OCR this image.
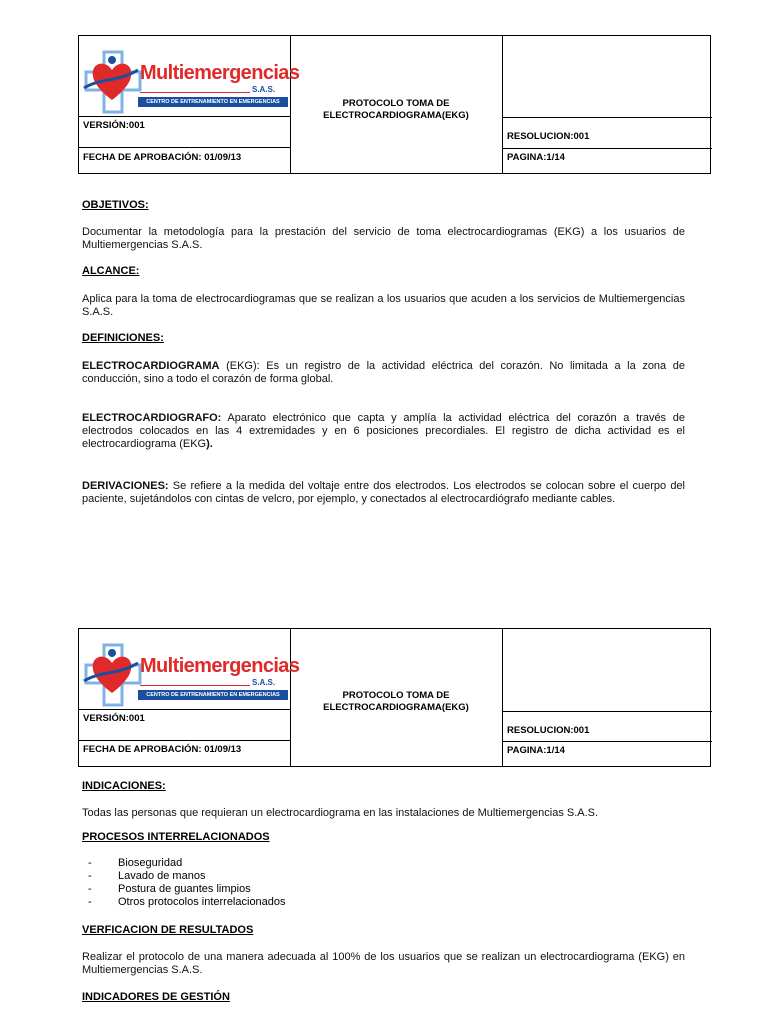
Multiemergencias
S.A.S.
CENTRO DE ENTRENAMIENTO EN EMERGENCIAS
VERSIÓN:001
FECHA DE APROBACIÓN: 01/09/13
PROTOCOLO TOMA DE
ELECTROCARDIOGRAMA(EKG)
RESOLUCION:001
PAGINA:1/14
OBJETIVOS:
Documentar la metodología para la prestación del servicio de toma electrocardiogramas (EKG) a los usuarios de Multiemergencias S.A.S.
ALCANCE:
Aplica para la toma de electrocardiogramas que se realizan a los usuarios que acuden a los servicios de Multiemergencias S.A.S.
DEFINICIONES:
ELECTROCARDIOGRAMA (EKG): Es un registro de la actividad eléctrica del corazón. No limitada a la zona de conducción, sino a todo el corazón de forma global.
ELECTROCARDIOGRAFO: Aparato electrónico que capta y amplía la actividad eléctrica del corazón a través de electrodos colocados en las 4 extremidades y en 6 posiciones precordiales. El registro de dicha actividad es el electrocardiograma (EKG).
DERIVACIONES: Se refiere a la medida del voltaje entre dos electrodos. Los electrodos se colocan sobre el cuerpo del paciente, sujetándolos con cintas de velcro, por ejemplo, y conectados al electrocardiógrafo mediante cables.
Multiemergencias
S.A.S.
CENTRO DE ENTRENAMIENTO EN EMERGENCIAS
VERSIÓN:001
FECHA DE APROBACIÓN: 01/09/13
PROTOCOLO TOMA DE
ELECTROCARDIOGRAMA(EKG)
RESOLUCION:001
PAGINA:1/14
INDICACIONES:
Todas las personas que requieran un electrocardiograma en las instalaciones de Multiemergencias S.A.S.
PROCESOS INTERRELACIONADOS
- Bioseguridad
- Lavado de manos
- Postura de guantes limpios
- Otros protocolos interrelacionados
VERFICACION DE RESULTADOS
Realizar el protocolo de una manera adecuada al 100% de los usuarios que se realizan un electrocardiograma (EKG) en Multiemergencias S.A.S.
INDICADORES DE GESTIÓN
